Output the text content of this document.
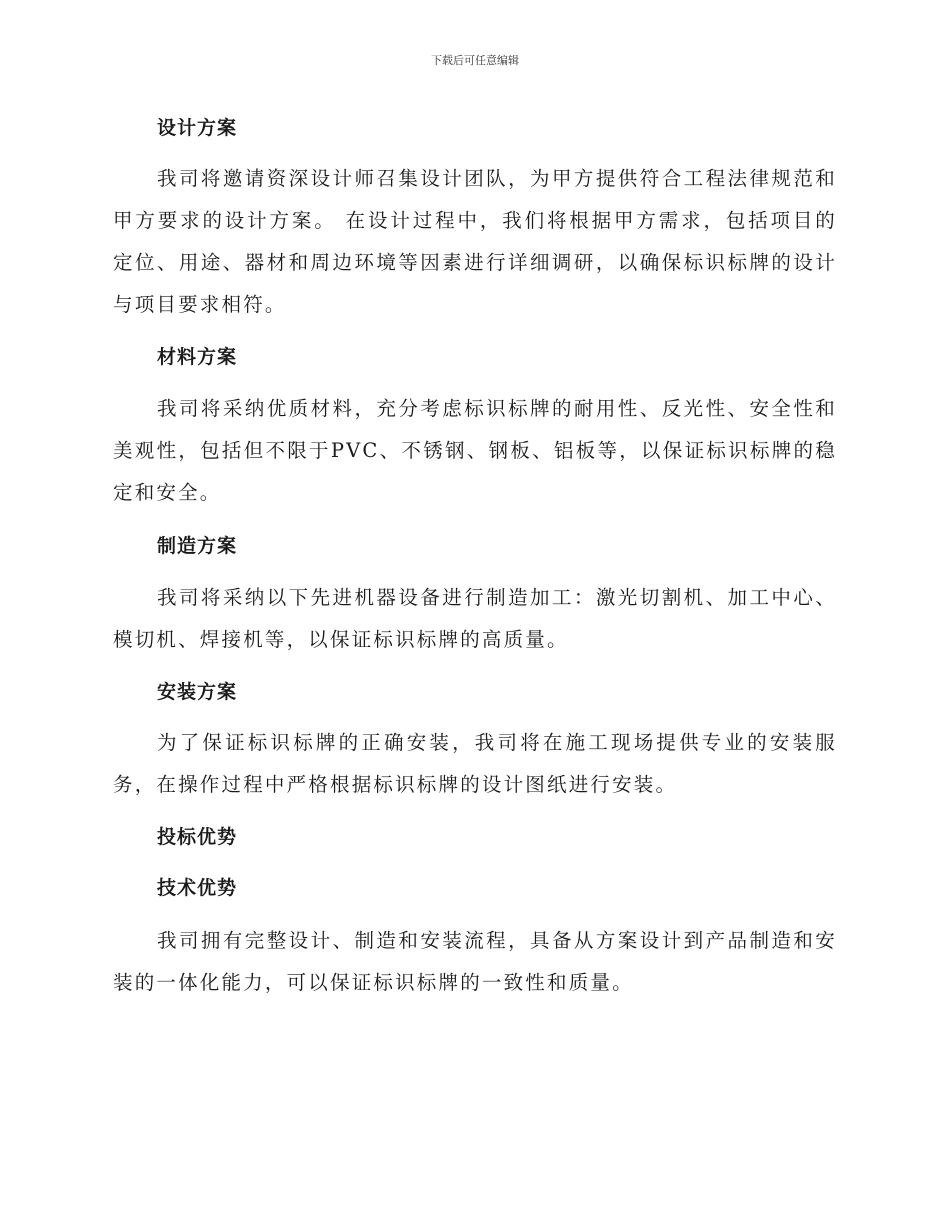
下载后可任意编辑
设计方案

我司将邀请资深设计师召集设计团队，为甲方提供符合工程法律规范和甲方要求的设计方案。 在设计过程中，我们将根据甲方需求，包括项目的定位、用途、器材和周边环境等因素进行详细调研，以确保标识标牌的设计与项目要求相符。

材料方案

我司将采纳优质材料，充分考虑标识标牌的耐用性、反光性、安全性和美观性，包括但不限于PVC、不锈钢、钢板、铝板等，以保证标识标牌的稳定和安全。

制造方案

我司将采纳以下先进机器设备进行制造加工：激光切割机、加工中心、模切机、焊接机等，以保证标识标牌的高质量。

安装方案

为了保证标识标牌的正确安装，我司将在施工现场提供专业的安装服务，在操作过程中严格根据标识标牌的设计图纸进行安装。

投标优势
技术优势

我司拥有完整设计、制造和安装流程，具备从方案设计到产品制造和安装的一体化能力，可以保证标识标牌的一致性和质量。
